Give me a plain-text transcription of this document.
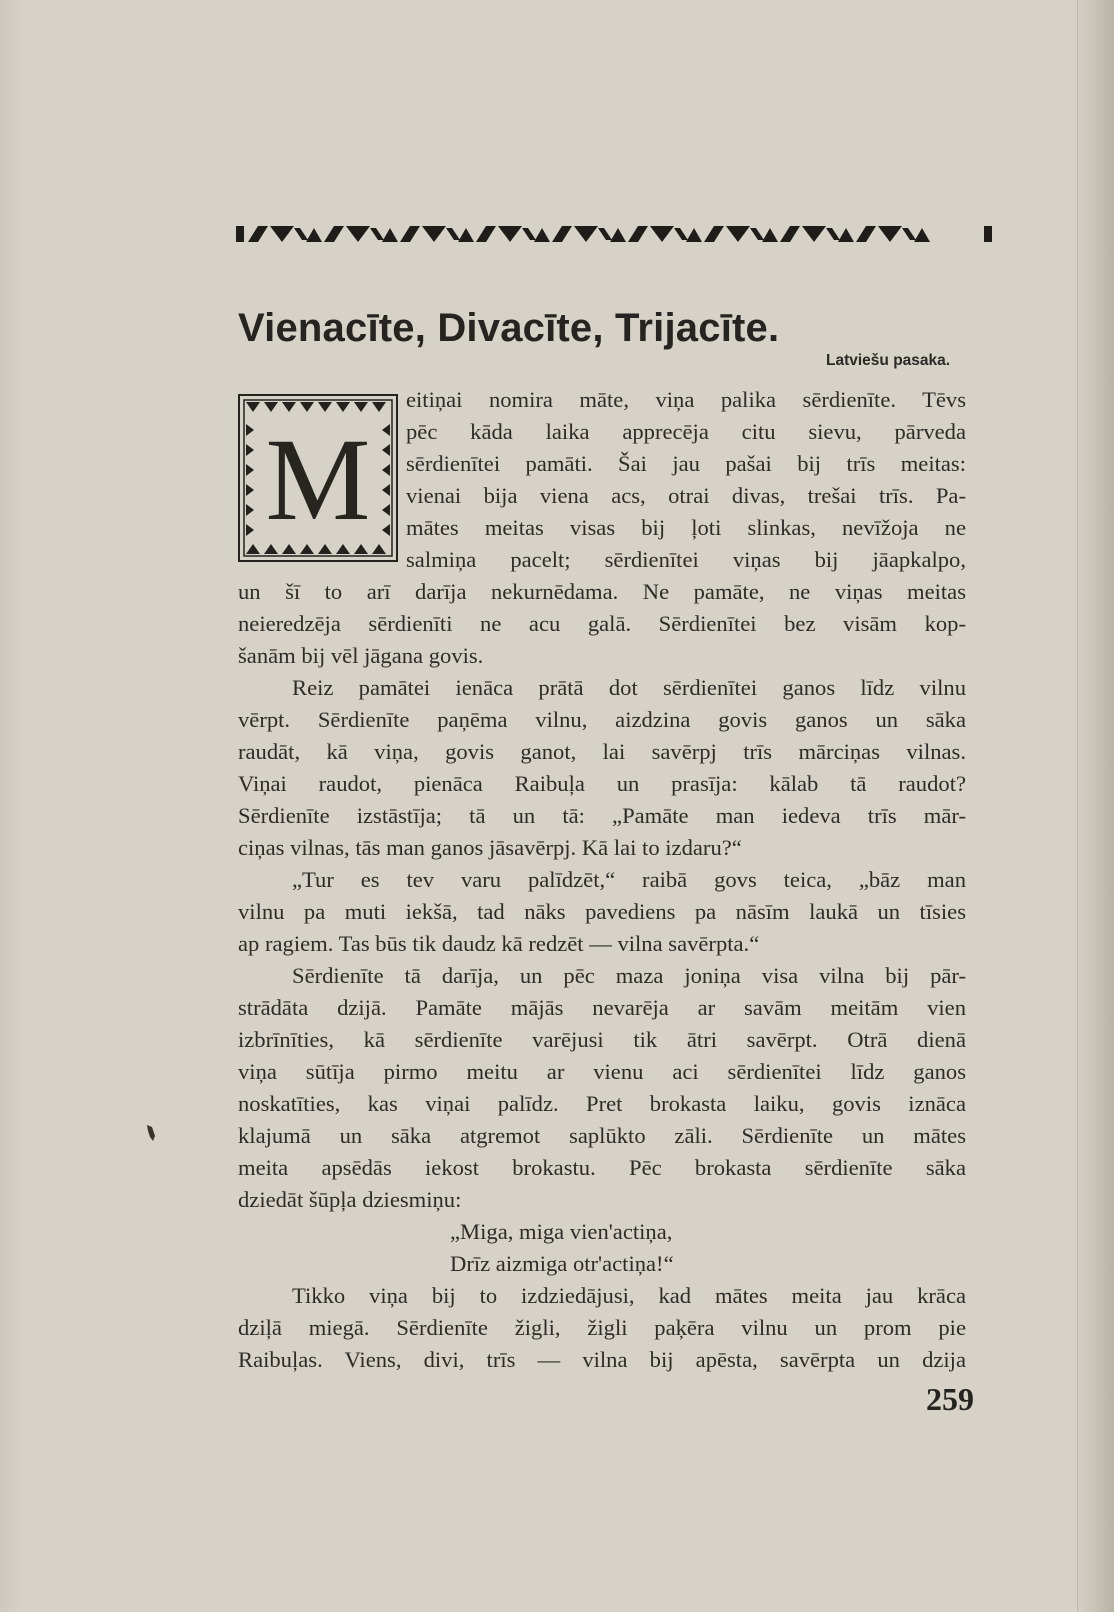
Vienacīte, Divacīte, Trijacīte.
Latviešu pasaka.
M
eitiņai nomira māte, viņa palika sērdienīte. Tēvs
pēc kāda laika apprecēja citu sievu, pārveda
sērdienītei pamāti. Šai jau pašai bij trīs meitas:
vienai bija viena acs, otrai divas, trešai trīs. Pa-
mātes meitas visas bij ļoti slinkas, nevīžoja ne
salmiņa pacelt; sērdienītei viņas bij jāapkalpo,
un šī to arī darīja nekurnēdama. Ne pamāte, ne viņas meitas
neieredzēja sērdienīti ne acu galā. Sērdienītei bez visām kop-
šanām bij vēl jāgana govis.
Reiz pamātei ienāca prātā dot sērdienītei ganos līdz vilnu
vērpt. Sērdienīte paņēma vilnu, aizdzina govis ganos un sāka
raudāt, kā viņa, govis ganot, lai savērpj trīs mārciņas vilnas.
Viņai raudot, pienāca Raibuļa un prasīja: kālab tā raudot?
Sērdienīte izstāstīja; tā un tā: „Pamāte man iedeva trīs mār-
ciņas vilnas, tās man ganos jāsavērpj. Kā lai to izdaru?“
„Tur es tev varu palīdzēt,“ raibā govs teica, „bāz man
vilnu pa muti iekšā, tad nāks pavediens pa nāsīm laukā un tīsies
ap ragiem. Tas būs tik daudz kā redzēt — vilna savērpta.“
Sērdienīte tā darīja, un pēc maza joniņa visa vilna bij pār-
strādāta dzijā. Pamāte mājās nevarēja ar savām meitām vien
izbrīnīties, kā sērdienīte varējusi tik ātri savērpt. Otrā dienā
viņa sūtīja pirmo meitu ar vienu aci sērdienītei līdz ganos
noskatīties, kas viņai palīdz. Pret brokasta laiku, govis iznāca
klajumā un sāka atgremot saplūkto zāli. Sērdienīte un mātes
meita apsēdās iekost brokastu. Pēc brokasta sērdienīte sāka
dziedāt šūpļa dziesmiņu:
„Miga, miga vien'actiņa,
Drīz aizmiga otr'actiņa!“
Tikko viņa bij to izdziedājusi, kad mātes meita jau krāca
dziļā miegā. Sērdienīte žigli, žigli paķēra vilnu un prom pie
Raibuļas. Viens, divi, trīs — vilna bij apēsta, savērpta un dzija
259
